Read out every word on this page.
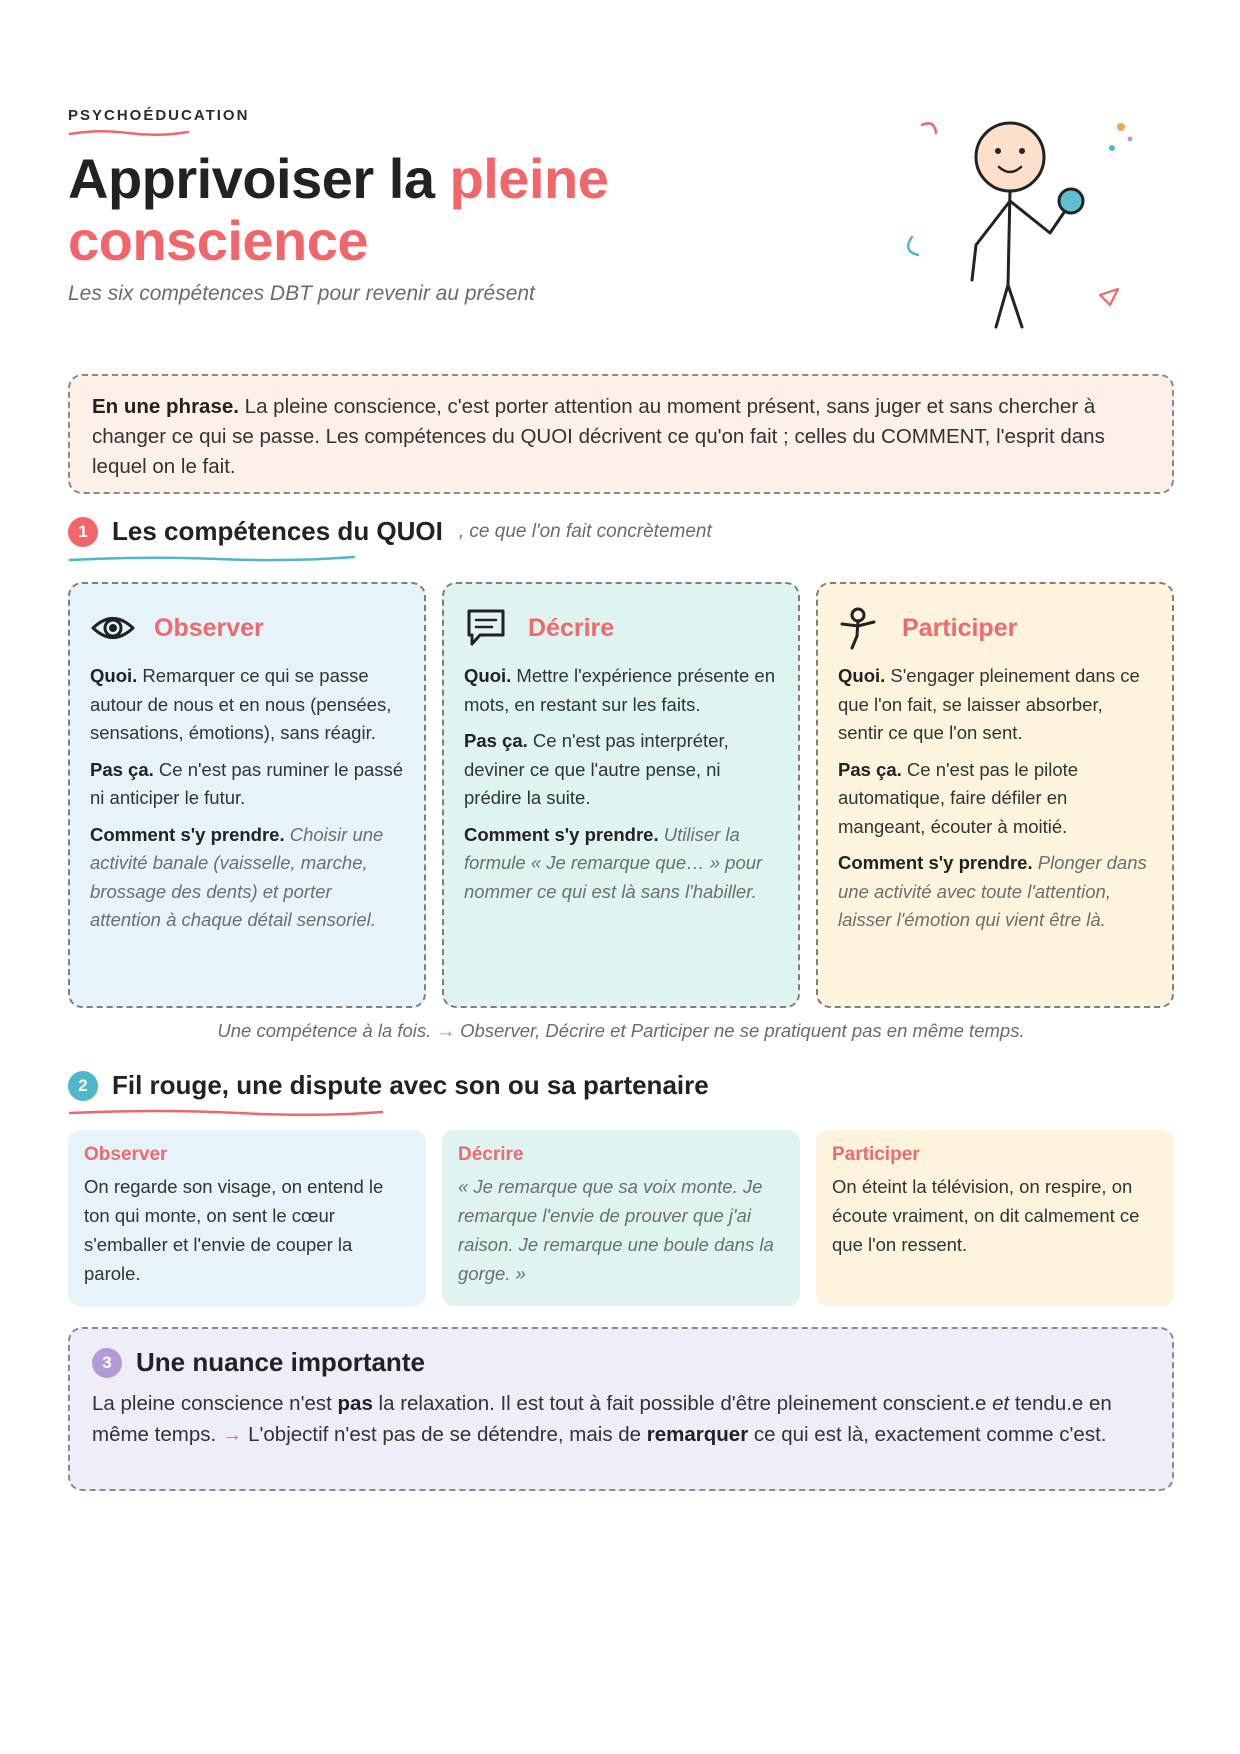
PSYCHOÉDUCATION
Apprivoiser la pleine
conscience
Les six compétences DBT pour revenir au présent
En une phrase. La pleine conscience, c'est porter attention au moment présent, sans juger et sans chercher à changer ce qui se passe. Les compétences du QUOI décrivent ce qu'on fait ; celles du COMMENT, l'esprit dans lequel on le fait.
1 Les compétences du QUOI , ce que l'on fait concrètement
Observer

Quoi. Remarquer ce qui se passe autour de nous et en nous (pensées, sensations, émotions), sans réagir.

Pas ça. Ce n'est pas ruminer le passé ni anticiper le futur.

Comment s'y prendre. Choisir une activité banale (vaisselle, marche, brossage des dents) et porter attention à chaque détail sensoriel.

Décrire

Quoi. Mettre l'expérience présente en mots, en restant sur les faits.

Pas ça. Ce n'est pas interpréter, deviner ce que l'autre pense, ni prédire la suite.

Comment s'y prendre. Utiliser la formule « Je remarque que… » pour nommer ce qui est là sans l'habiller.

Participer

Quoi. S'engager pleinement dans ce que l'on fait, se laisser absorber, sentir ce que l'on sent.

Pas ça. Ce n'est pas le pilote automatique, faire défiler en mangeant, écouter à moitié.

Comment s'y prendre. Plonger dans une activité avec toute l'attention, laisser l'émotion qui vient être là.

Une compétence à la fois. → Observer, Décrire et Participer ne se pratiquent pas en même temps.
2 Fil rouge, une dispute avec son ou sa partenaire
Observer
On regarde son visage, on entend le ton qui monte, on sent le cœur s'emballer et l'envie de couper la parole.
Décrire
« Je remarque que sa voix monte. Je remarque l'envie de prouver que j'ai raison. Je remarque une boule dans la gorge. »
Participer
On éteint la télévision, on respire, on écoute vraiment, on dit calmement ce que l'on ressent.
3 Une nuance importante
La pleine conscience n'est pas la relaxation. Il est tout à fait possible d'être pleinement conscient.e et tendu.e en même temps. → L'objectif n'est pas de se détendre, mais de remarquer ce qui est là, exactement comme c'est.
